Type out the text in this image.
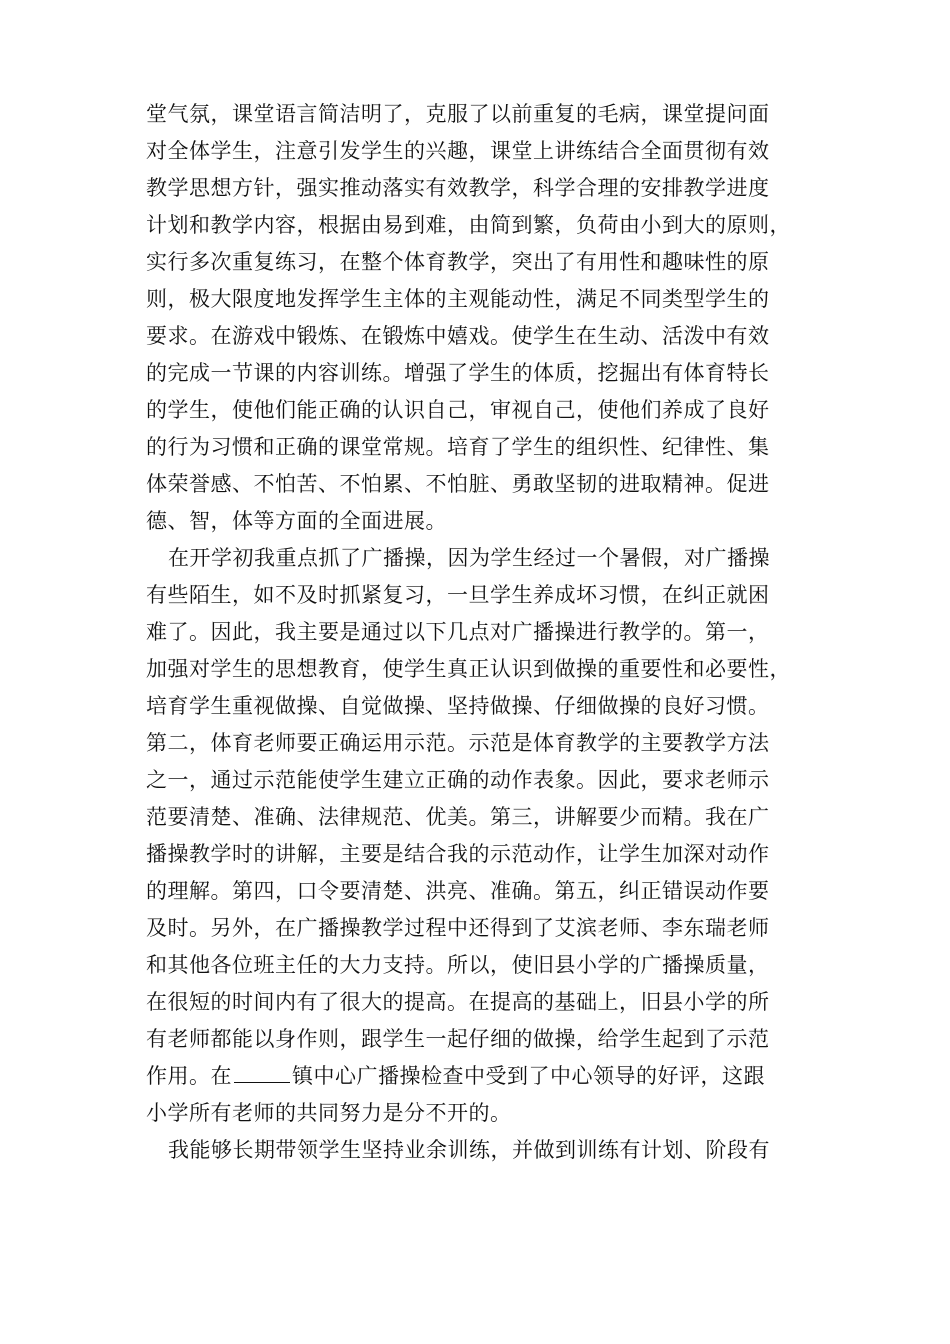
堂气氛，课堂语言简洁明了，克服了以前重复的毛病，课堂提问面
对全体学生，注意引发学生的兴趣，课堂上讲练结合全面贯彻有效
教学思想方针，强实推动落实有效教学，科学合理的安排教学进度
计划和教学内容，根据由易到难，由简到繁，负荷由小到大的原则，
实行多次重复练习，在整个体育教学，突出了有用性和趣味性的原
则，极大限度地发挥学生主体的主观能动性，满足不同类型学生的
要求。在游戏中锻炼、在锻炼中嬉戏。使学生在生动、活泼中有效
的完成一节课的内容训练。增强了学生的体质，挖掘出有体育特长
的学生，使他们能正确的认识自己，审视自己，使他们养成了良好
的行为习惯和正确的课堂常规。培育了学生的组织性、纪律性、集
体荣誉感、不怕苦、不怕累、不怕脏、勇敢坚韧的进取精神。促进
德、智，体等方面的全面进展。
在开学初我重点抓了广播操，因为学生经过一个暑假，对广播操
有些陌生，如不及时抓紧复习，一旦学生养成坏习惯，在纠正就困
难了。因此，我主要是通过以下几点对广播操进行教学的。第一，
加强对学生的思想教育，使学生真正认识到做操的重要性和必要性，
培育学生重视做操、自觉做操、坚持做操、仔细做操的良好习惯。
第二，体育老师要正确运用示范。示范是体育教学的主要教学方法
之一，通过示范能使学生建立正确的动作表象。因此，要求老师示
范要清楚、准确、法律规范、优美。第三，讲解要少而精。我在广
播操教学时的讲解，主要是结合我的示范动作，让学生加深对动作
的理解。第四，口令要清楚、洪亮、准确。第五，纠正错误动作要
及时。另外，在广播操教学过程中还得到了艾滨老师、李东瑞老师
和其他各位班主任的大力支持。所以，使旧县小学的广播操质量，
在很短的时间内有了很大的提高。在提高的基础上，旧县小学的所
有老师都能以身作则，跟学生一起仔细的做操，给学生起到了示范
作用。在	镇中心广播操检查中受到了中心领导的好评，这跟
小学所有老师的共同努力是分不开的。
我能够长期带领学生坚持业余训练，并做到训练有计划、阶段有
